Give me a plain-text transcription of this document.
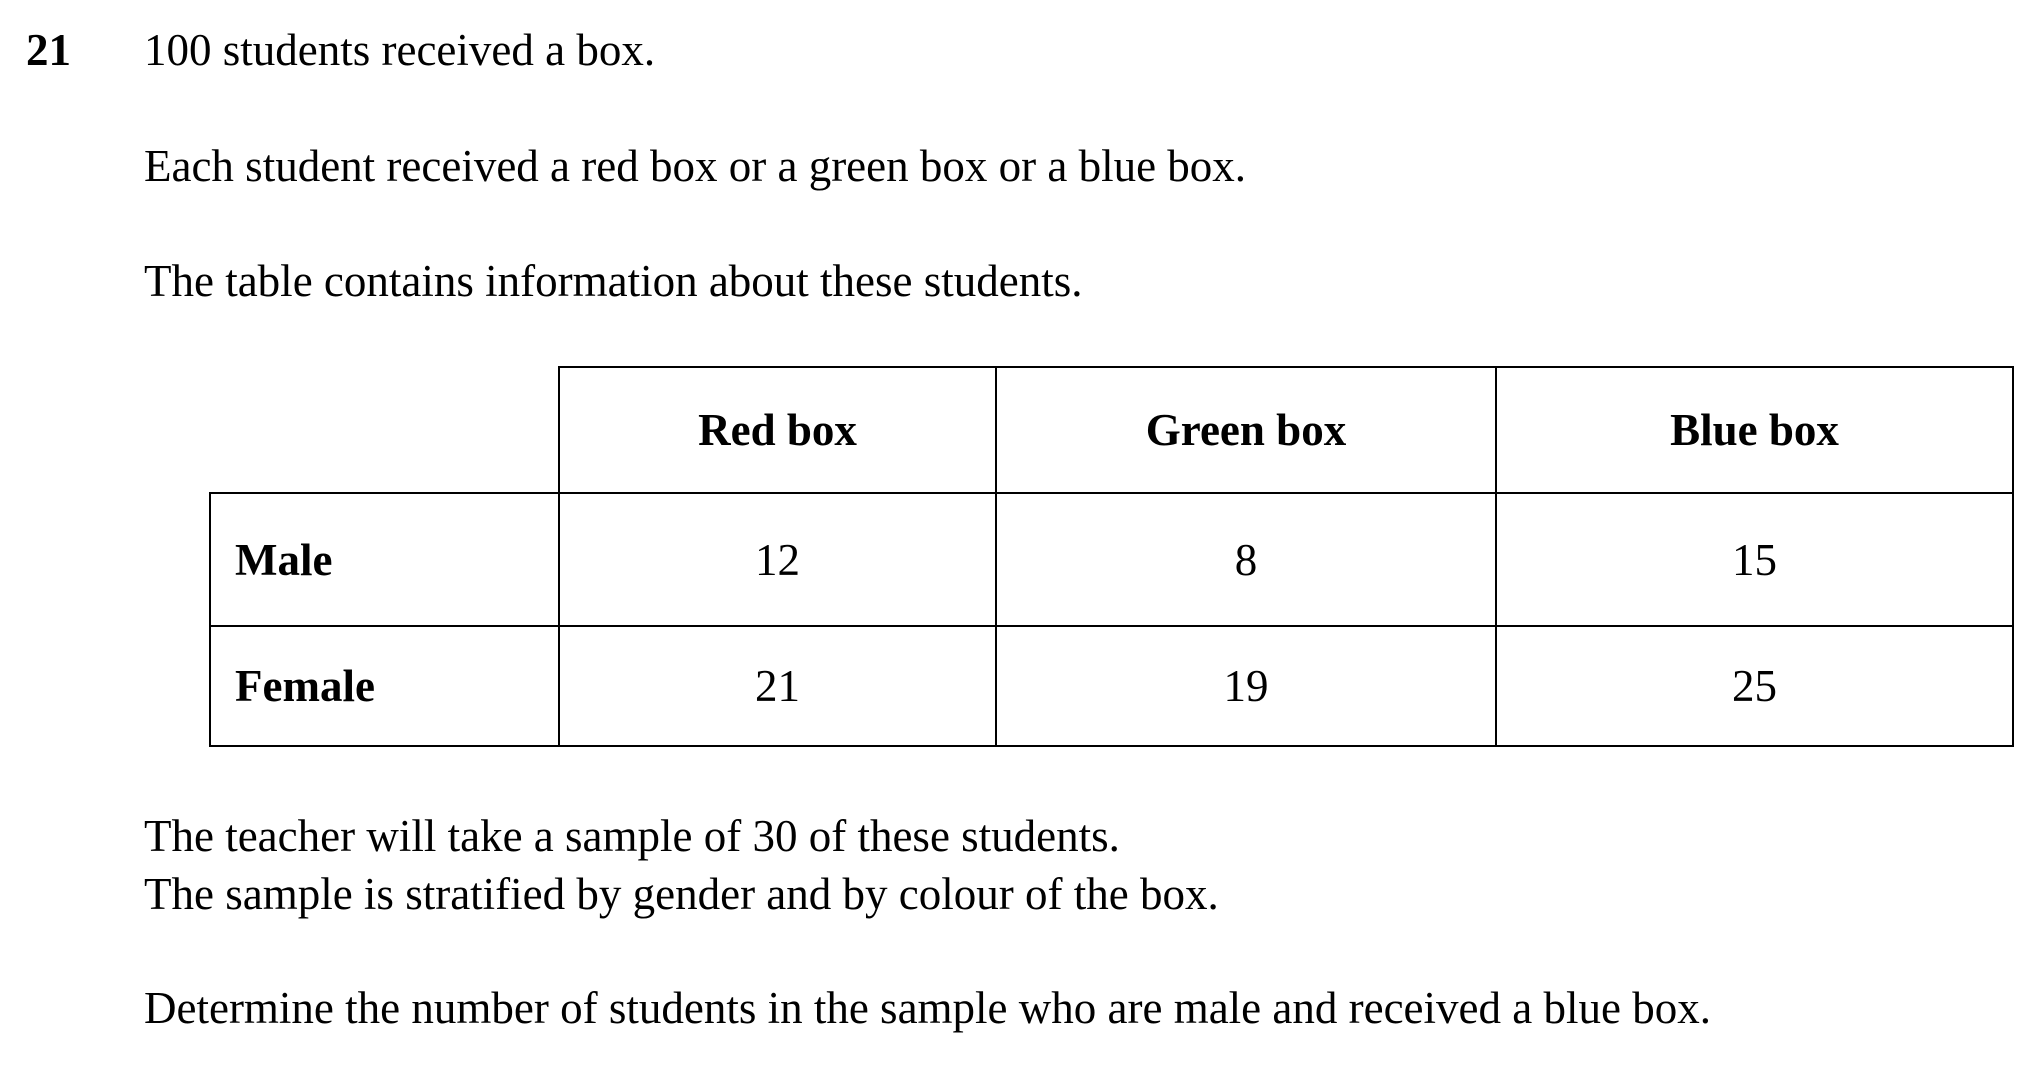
21 100 students received a box.
Each student received a red box or a green box or a blue box.
The table contains information about these students.
	Red box	Green box	Blue box
Male	12	8	15
Female	21	19	25
The teacher will take a sample of 30 of these students.
The sample is stratified by gender and by colour of the box.
Determine the number of students in the sample who are male and received a blue box.
